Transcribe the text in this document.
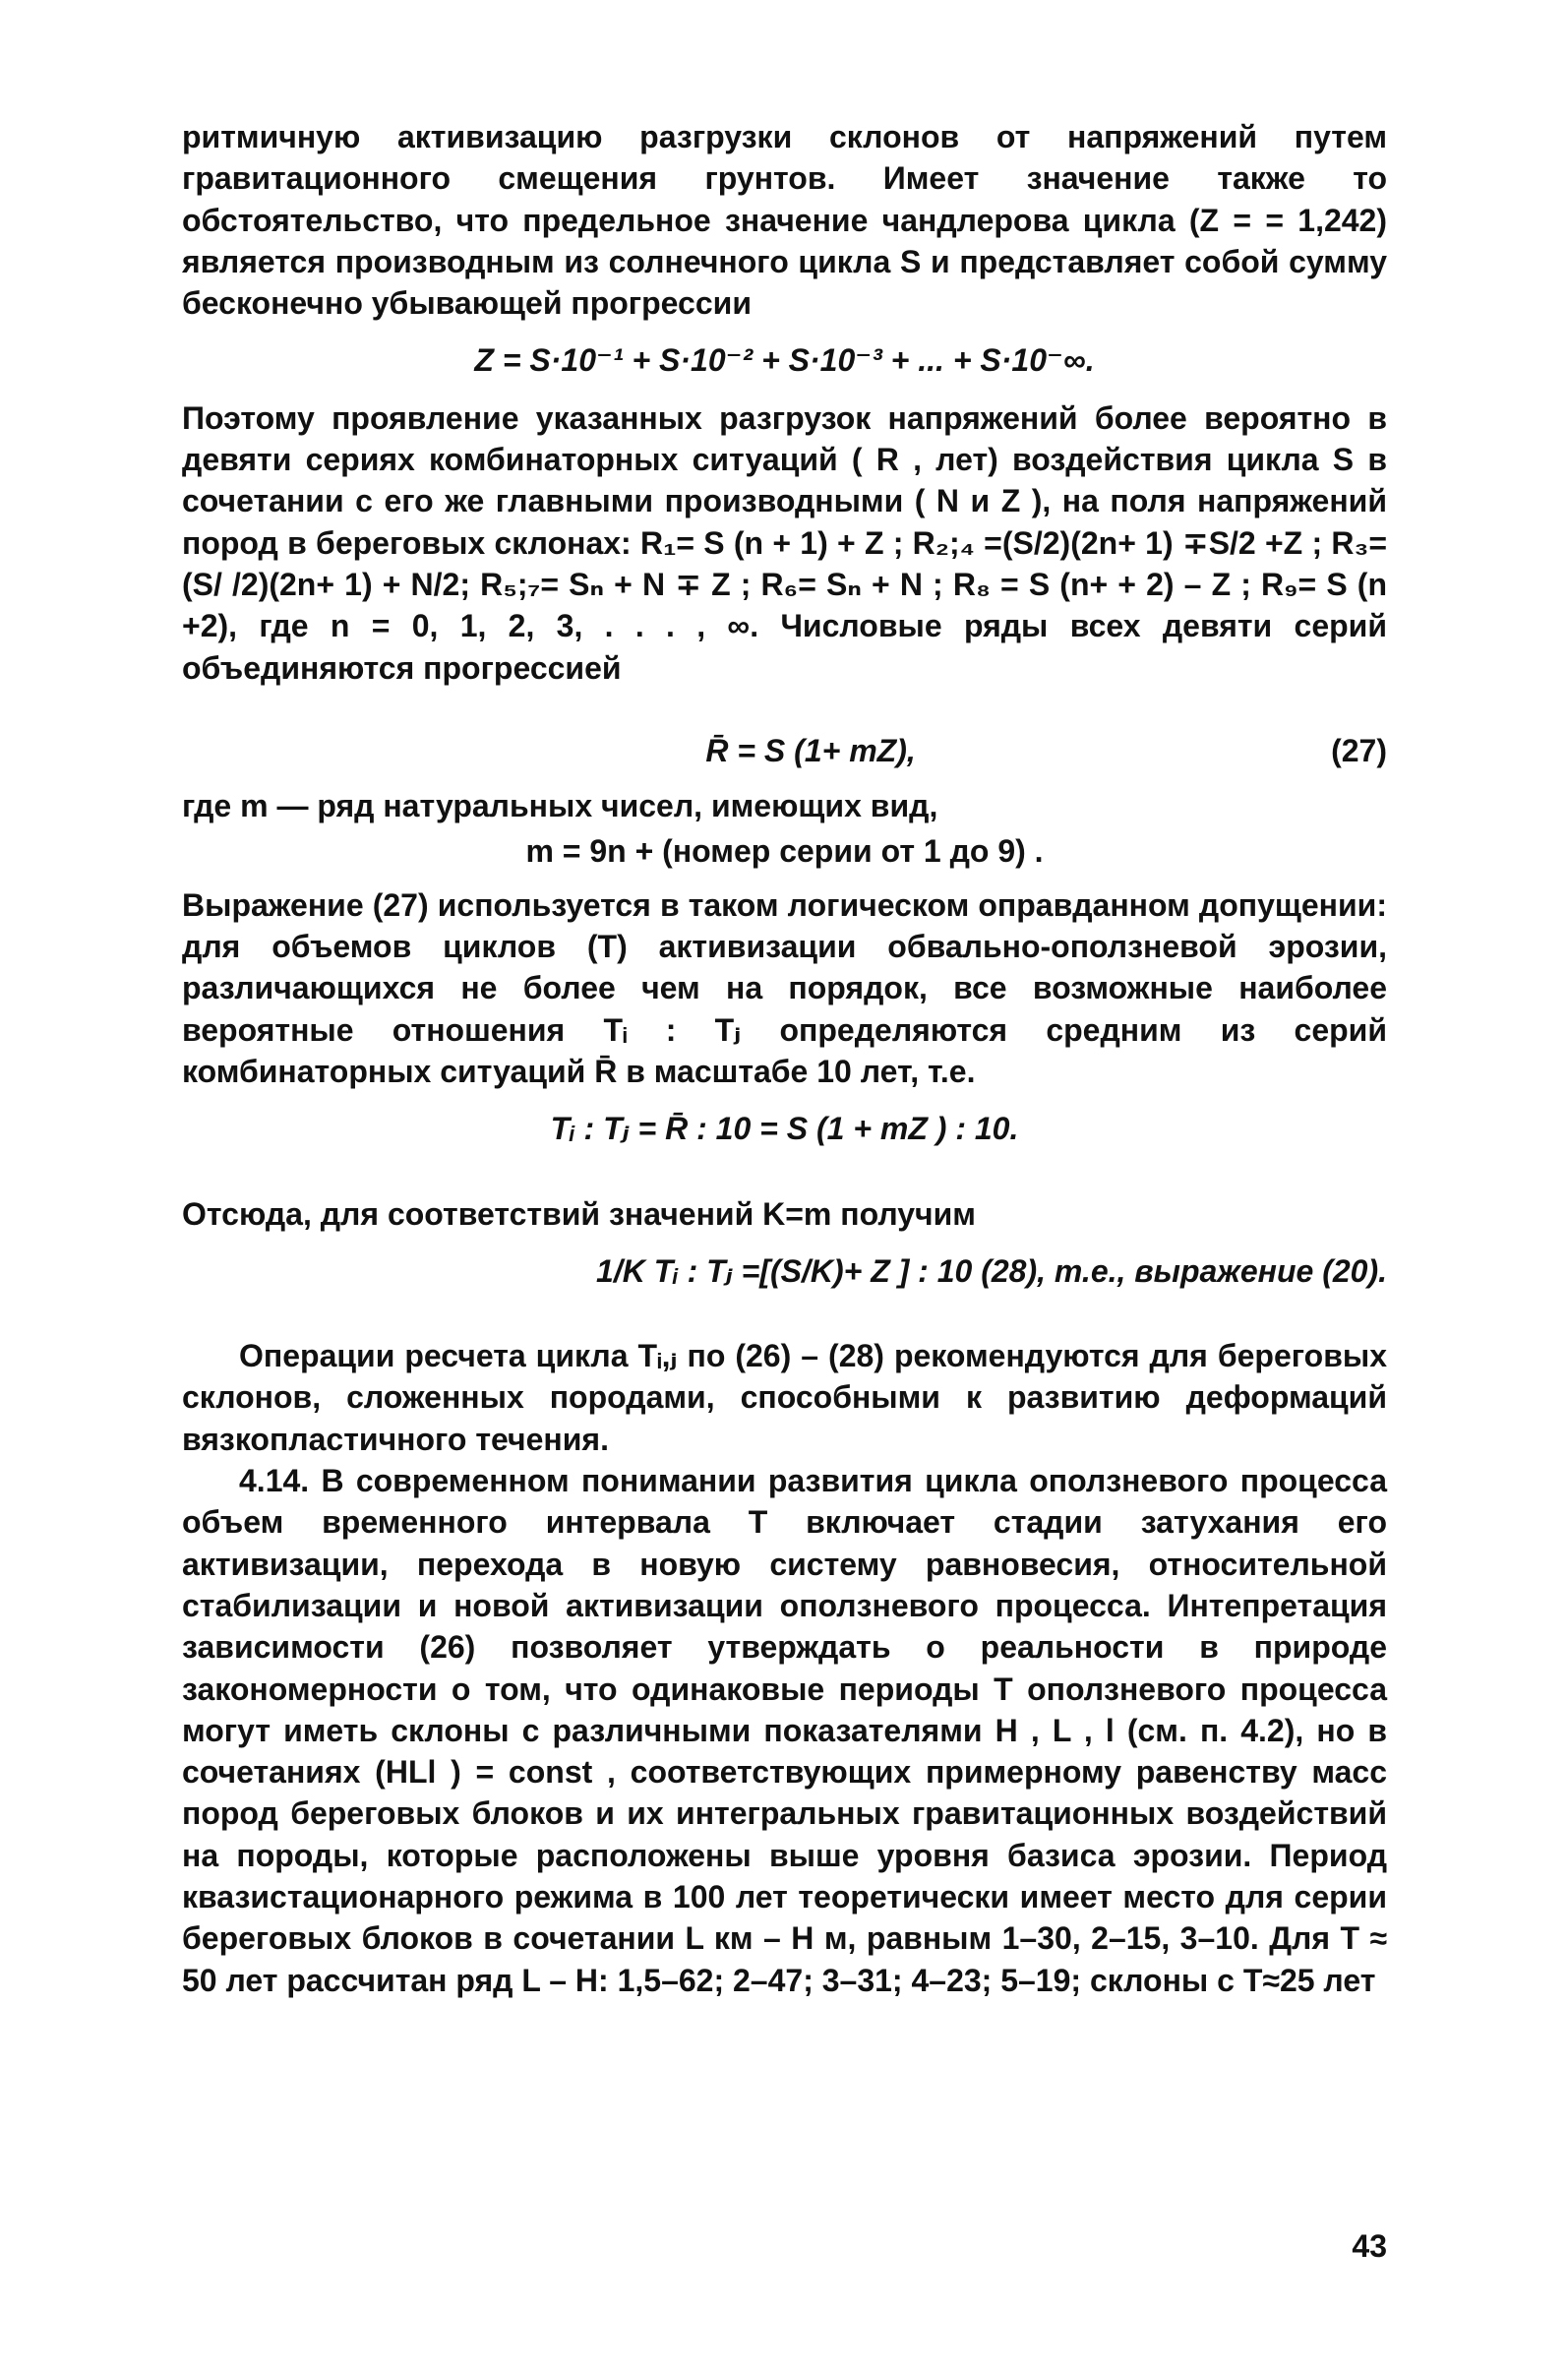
ритмичную активизацию разгрузки склонов от напряжений путем гравитационного смещения грунтов. Имеет значение также то обстоятельство, что предельное значение чандлерова цикла (Z = = 1,242) является производным из солнечного цикла S и представляет собой сумму бесконечно убывающей прогрессии

Z = S·10⁻¹ + S·10⁻² + S·10⁻³ + ... + S·10⁻∞.

Поэтому проявление указанных разгрузок напряжений более вероятно в девяти сериях комбинаторных ситуаций ( R , лет) воздействия цикла S в сочетании с его же главными производными ( N и Z ), на поля напряжений пород в береговых склонах: R₁= S (n + 1) + Z ; R₂;₄ =(S/2)(2n+ 1) ∓S/2 +Z ; R₃=(S/ /2)(2n+ 1) + N/2; R₅;₇= Sₙ + N ∓ Z ; R₆= Sₙ + N ; R₈ = S (n+ + 2) – Z ; R₉= S (n +2), где n = 0, 1, 2, 3, . . . , ∞. Числовые ряды всех девяти серий объединяются прогрессией

R̄ = S (1+ mZ),	(27)

где m — ряд натуральных чисел, имеющих вид,

m = 9n + (номер серии от 1 до 9) .

Выражение (27) используется в таком логическом оправданном допущении: для объемов циклов (Т) активизации обвально-оползневой эрозии, различающихся не более чем на порядок, все возможные наиболее вероятные отношения Tᵢ : Tⱼ определяются средним из серий комбинаторных ситуаций R̄ в масштабе 10 лет, т.е.

Tᵢ : Tⱼ = R̄ : 10 = S (1 + mZ ) : 10.

Отсюда, для соответствий значений K=m получим

1/K Tᵢ : Tⱼ =[(S/K)+ Z ] : 10 (28), т.е., выражение (20).

Операции ресчета цикла Tᵢ,ⱼ по (26) – (28) рекомендуются для береговых склонов, сложенных породами, способными к развитию деформаций вязкопластичного течения.

4.14. В современном понимании развития цикла оползневого процесса объем временного интервала T включает стадии затухания его активизации, перехода в новую систему равновесия, относительной стабилизации и новой активизации оползневого процесса. Интепретация зависимости (26) позволяет утверждать о реальности в природе закономерности о том, что одинаковые периоды Т оползневого процесса могут иметь склоны с различными показателями H , L , l (см. п. 4.2), но в сочетаниях (HLl ) = const , соответствующих примерному равенству масс пород береговых блоков и их интегральных гравитационных воздействий на породы, которые расположены выше уровня базиса эрозии. Период квазистационарного режима в 100 лет теоретически имеет место для серии береговых блоков в сочетании L км – H м, равным 1–30, 2–15, 3–10. Для Т ≈ 50 лет рассчитан ряд L – H: 1,5–62; 2–47; 3–31; 4–23; 5–19; склоны с Т≈25 лет

43
